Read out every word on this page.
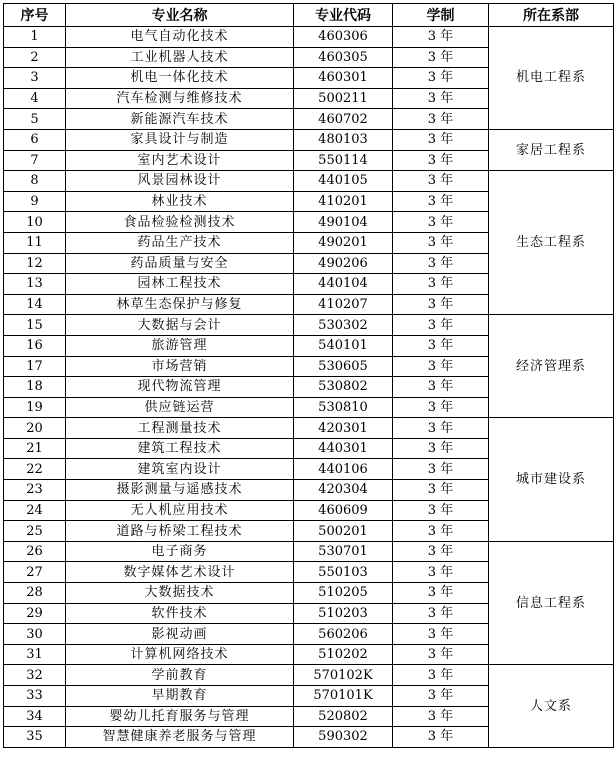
序号	专业名称	专业代码	学制	所在系部
1	电气自动化技术	460306	3 年	机电工程系
2	工业机器人技术	460305	3 年	
3	机电一体化技术	460301	3 年	
4	汽车检测与维修技术	500211	3 年	
5	新能源汽车技术	460702	3 年	
6	家具设计与制造	480103	3 年	家居工程系
7	室内艺术设计	550114	3 年	
8	风景园林设计	440105	3 年	生态工程系
9	林业技术	410201	3 年	
10	食品检验检测技术	490104	3 年	
11	药品生产技术	490201	3 年	
12	药品质量与安全	490206	3 年	
13	园林工程技术	440104	3 年	
14	林草生态保护与修复	410207	3 年	
15	大数据与会计	530302	3 年	经济管理系
16	旅游管理	540101	3 年	
17	市场营销	530605	3 年	
18	现代物流管理	530802	3 年	
19	供应链运营	530810	3 年	
20	工程测量技术	420301	3 年	城市建设系
21	建筑工程技术	440301	3 年	
22	建筑室内设计	440106	3 年	
23	摄影测量与遥感技术	420304	3 年	
24	无人机应用技术	460609	3 年	
25	道路与桥梁工程技术	500201	3 年	
26	电子商务	530701	3 年	信息工程系
27	数字媒体艺术设计	550103	3 年	
28	大数据技术	510205	3 年	
29	软件技术	510203	3 年	
30	影视动画	560206	3 年	
31	计算机网络技术	510202	3 年	
32	学前教育	570102K	3 年	人文系
33	早期教育	570101K	3 年	
34	婴幼儿托育服务与管理	520802	3 年	
35	智慧健康养老服务与管理	590302	3 年	
